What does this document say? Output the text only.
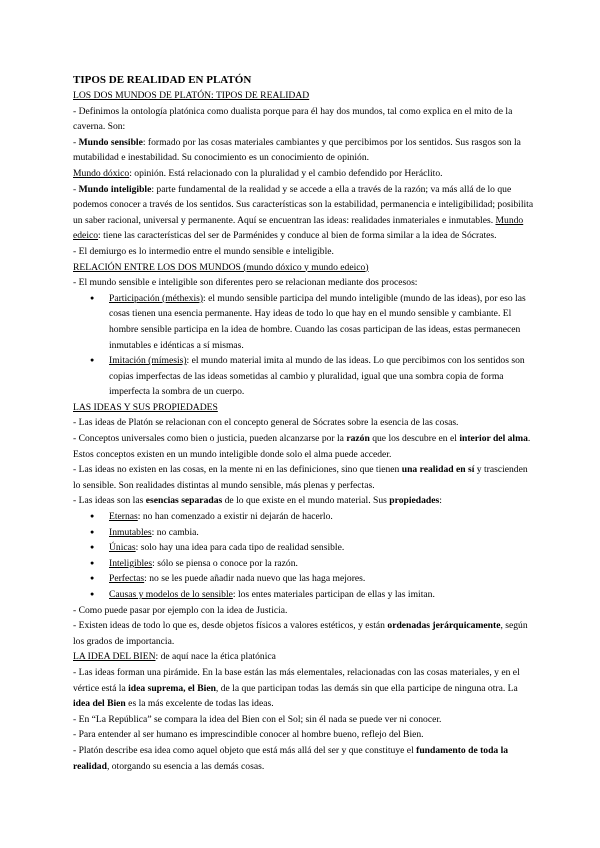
TIPOS DE REALIDAD EN PLATÓN

LOS DOS MUNDOS DE PLATÓN: TIPOS DE REALIDAD

- Definimos la ontología platónica como dualista porque para él hay dos mundos, tal como explica en el mito de la caverna. Son:

- Mundo sensible: formado por las cosas materiales cambiantes y que percibimos por los sentidos. Sus rasgos son la mutabilidad e inestabilidad. Su conocimiento es un conocimiento de opinión.

Mundo dóxico: opinión. Está relacionado con la pluralidad y el cambio defendido por Heráclito.

- Mundo inteligible: parte fundamental de la realidad y se accede a ella a través de la razón; va más allá de lo que podemos conocer a través de los sentidos. Sus características son la estabilidad, permanencia e inteligibilidad; posibilita un saber racional, universal y permanente. Aquí se encuentran las ideas: realidades inmateriales e inmutables. Mundo edeico: tiene las características del ser de Parménides y conduce al bien de forma similar a la idea de Sócrates.

- El demiurgo es lo intermedio entre el mundo sensible e inteligible.

RELACIÓN ENTRE LOS DOS MUNDOS (mundo dóxico y mundo edeico)

- El mundo sensible e inteligible son diferentes pero se relacionan mediante dos procesos:

● Participación (méthexis): el mundo sensible participa del mundo inteligible (mundo de las ideas), por eso las cosas tienen una esencia permanente. Hay ideas de todo lo que hay en el mundo sensible y cambiante. El hombre sensible participa en la idea de hombre. Cuando las cosas participan de las ideas, estas permanecen inmutables e idénticas a sí mismas.
● Imitación (mímesis): el mundo material imita al mundo de las ideas. Lo que percibimos con los sentidos son copias imperfectas de las ideas sometidas al cambio y pluralidad, igual que una sombra copia de forma imperfecta la sombra de un cuerpo.

LAS IDEAS Y SUS PROPIEDADES

- Las ideas de Platón se relacionan con el concepto general de Sócrates sobre la esencia de las cosas.

- Conceptos universales como bien o justicia, pueden alcanzarse por la razón que los descubre en el interior del alma. Estos conceptos existen en un mundo inteligible donde solo el alma puede acceder.

- Las ideas no existen en las cosas, en la mente ni en las definiciones, sino que tienen una realidad en sí y trascienden lo sensible. Son realidades distintas al mundo sensible, más plenas y perfectas.

- Las ideas son las esencias separadas de lo que existe en el mundo material. Sus propiedades:

● Eternas: no han comenzado a existir ni dejarán de hacerlo.
● Inmutables: no cambia.
● Únicas: solo hay una idea para cada tipo de realidad sensible.
● Inteligibles: sólo se piensa o conoce por la razón.
● Perfectas: no se les puede añadir nada nuevo que las haga mejores.
● Causas y modelos de lo sensible: los entes materiales participan de ellas y las imitan.

- Como puede pasar por ejemplo con la idea de Justicia.

- Existen ideas de todo lo que es, desde objetos físicos a valores estéticos, y están ordenadas jerárquicamente, según los grados de importancia.

LA IDEA DEL BIEN: de aquí nace la ética platónica

- Las ideas forman una pirámide. En la base están las más elementales, relacionadas con las cosas materiales, y en el vértice está la idea suprema, el Bien, de la que participan todas las demás sin que ella participe de ninguna otra. La idea del Bien es la más excelente de todas las ideas.

- En “La República” se compara la idea del Bien con el Sol; sin él nada se puede ver ni conocer.

- Para entender al ser humano es imprescindible conocer al hombre bueno, reflejo del Bien.

- Platón describe esa idea como aquel objeto que está más allá del ser y que constituye el fundamento de toda la realidad, otorgando su esencia a las demás cosas.
